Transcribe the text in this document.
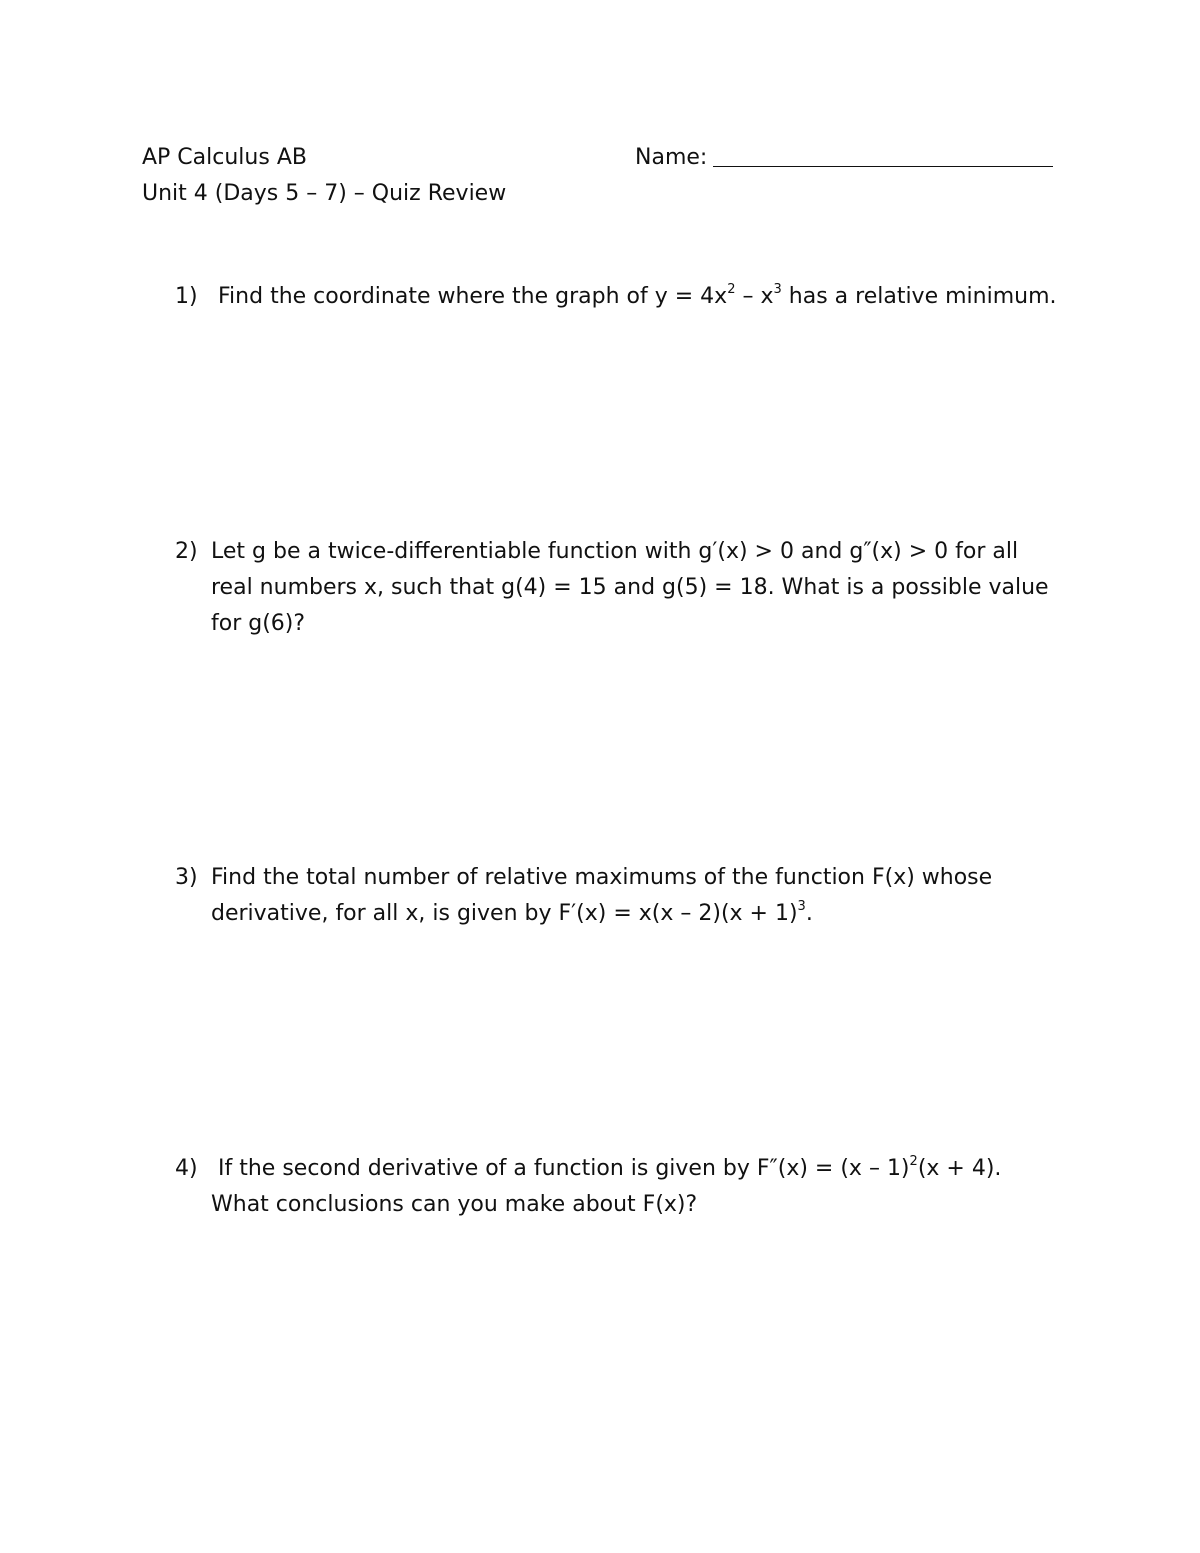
AP Calculus AB
Unit 4 (Days 5 – 7) – Quiz Review
Name:
1) Find the coordinate where the graph of $y = 4x^2 - x^3$ has a relative minimum.
2) Let g be a twice-differentiable function with g′(x) > 0 and g″(x) > 0 for all
real numbers x, such that g(4) = 15 and g(5) = 18. What is a possible value
for g(6)?
3) Find the total number of relative maximums of the function F(x) whose
derivative, for all x, is given by $F'(x) = x(x - 2)(x + 1)^3$.
4) If the second derivative of a function is given by F″(x) = (x – 1)$^2$(x + 4).
What conclusions can you make about F(x)?
